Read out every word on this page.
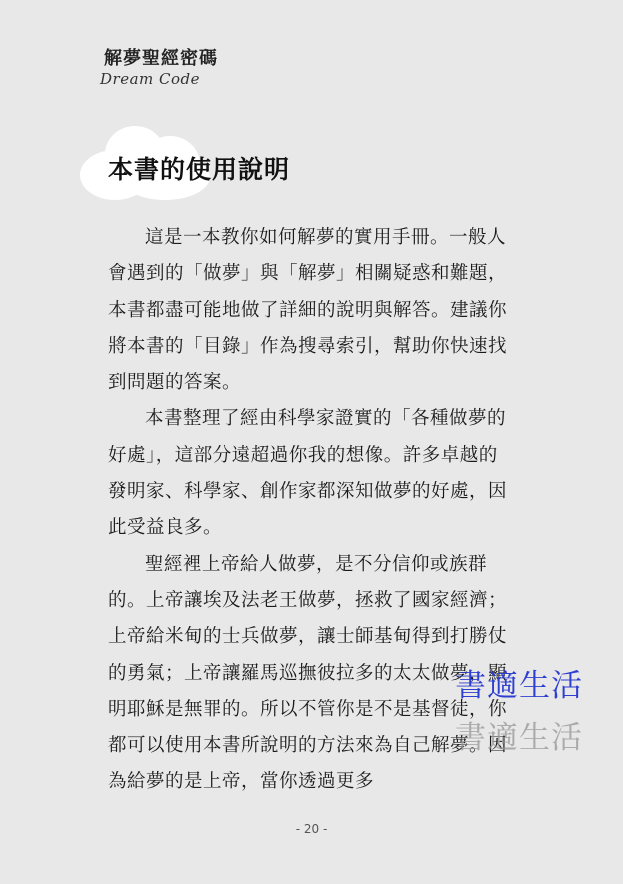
解夢聖經密碼
Dream Code
本書的使用說明

這是一本教你如何解夢的實用手冊。一般人會遇到的「做夢」與「解夢」相關疑惑和難題，本書都盡可能地做了詳細的說明與解答。建議你將本書的「目錄」作為搜尋索引，幫助你快速找到問題的答案。

本書整理了經由科學家證實的「各種做夢的好處」，這部分遠超過你我的想像。許多卓越的發明家、科學家、創作家都深知做夢的好處，因此受益良多。

聖經裡上帝給人做夢，是不分信仰或族群的。上帝讓埃及法老王做夢，拯救了國家經濟；上帝給米甸的士兵做夢，讓士師基甸得到打勝仗的勇氣；上帝讓羅馬巡撫彼拉多的太太做夢，顯明耶穌是無罪的。所以不管你是不是基督徒，你都可以使用本書所說明的方法來為自己解夢。因為給夢的是上帝，當你透過更多

書適生活
書適生活
- 20 -
